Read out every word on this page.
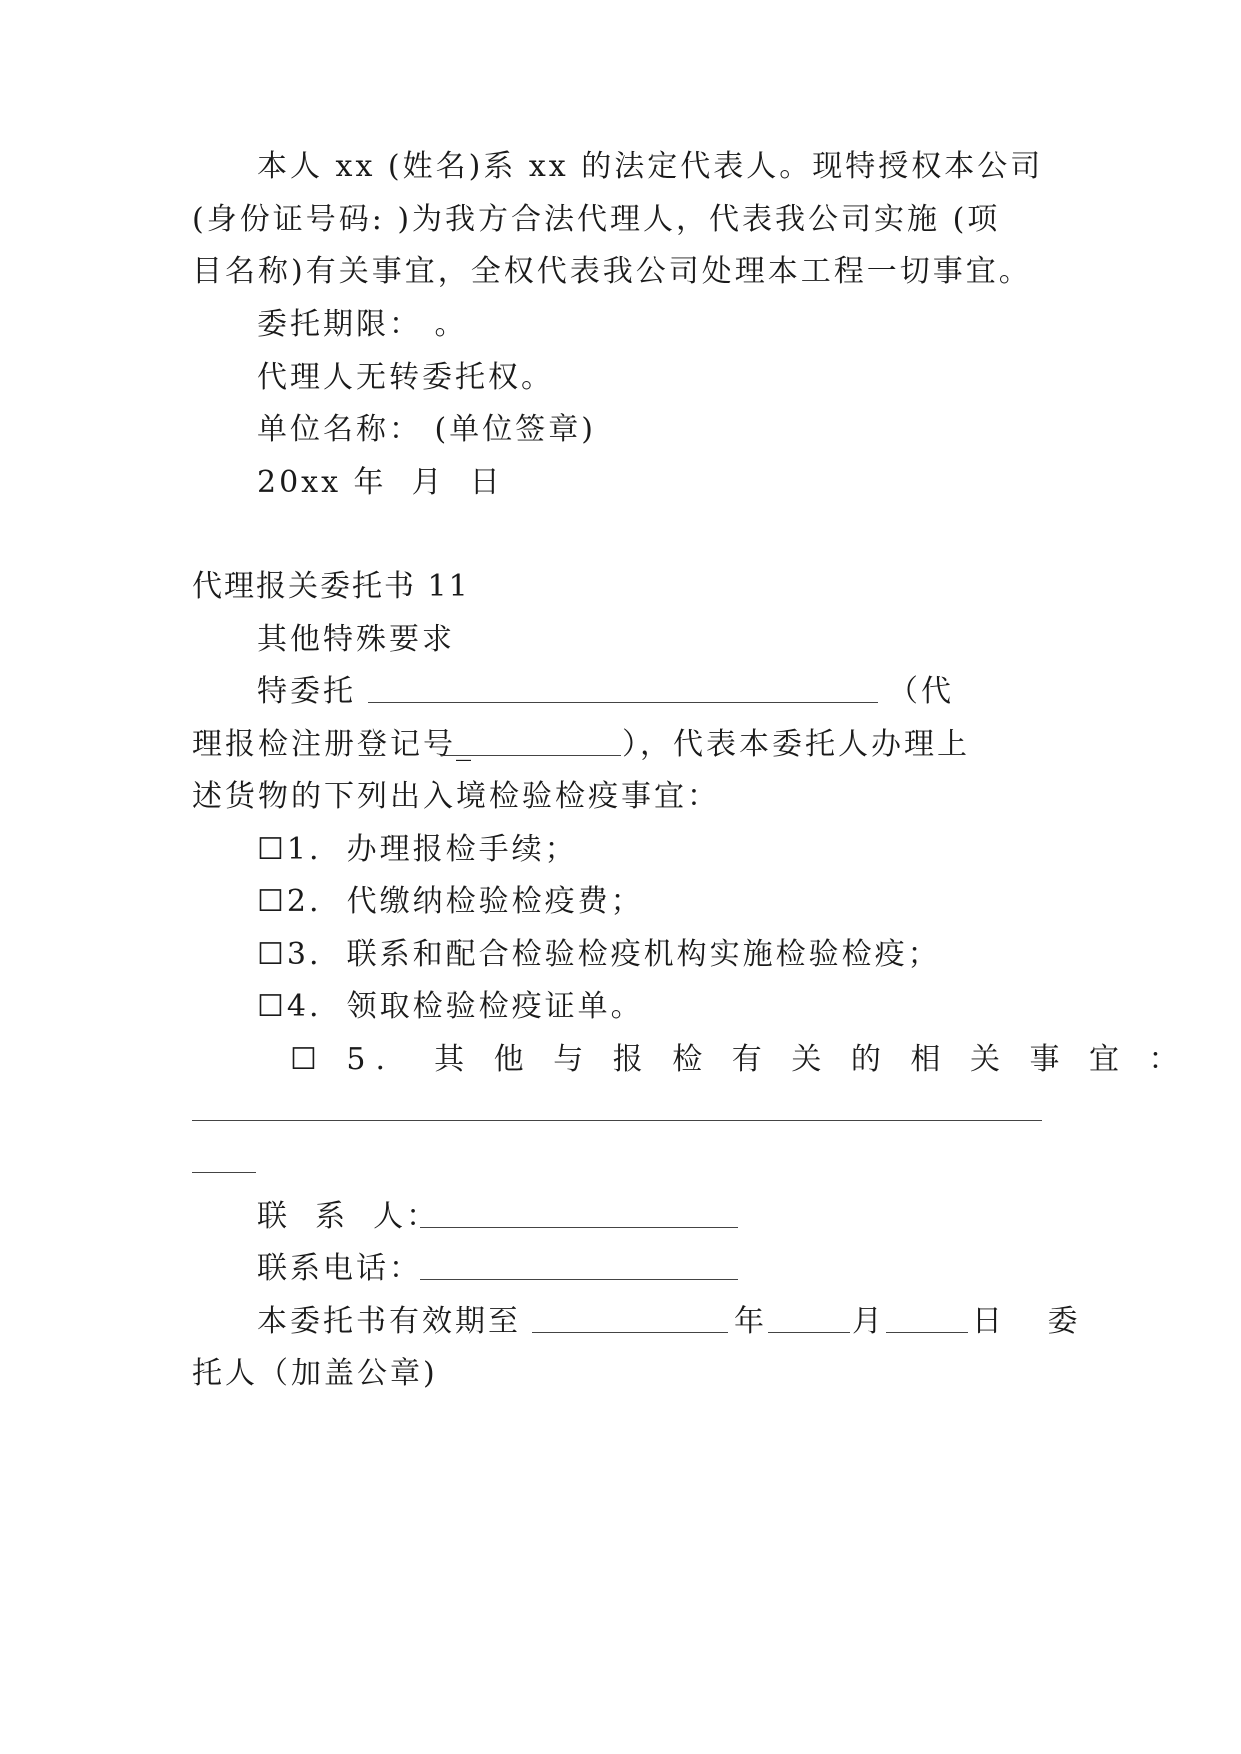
本人 xx (姓名)系 xx 的法定代表人。现特授权本公司
(身份证号码: )为我方合法代理人，代表我公司实施 (项
目名称)有关事宜，全权代表我公司处理本工程一切事宜。
委托期限： 。
代理人无转委托权。
单位名称： (单位签章)
20xx 年  月  日
代理报关委托书 11
其他特殊要求
特委托	（代
理报检注册登记号_	），代表本委托人办理上
述货物的下列出入境检验检疫事宜：
☐1.  办理报检手续；
☐2.  代缴纳检验检疫费；
☐3.  联系和配合检验检疫机构实施检验检疫；
☐4.  领取检验检疫证单。
☐ 5.  其 他 与 报 检 有 关 的 相 关 事 宜 ：
联  系  人：
联系电话：
本委托书有效期至	年	月	日 委
托人（加盖公章)
